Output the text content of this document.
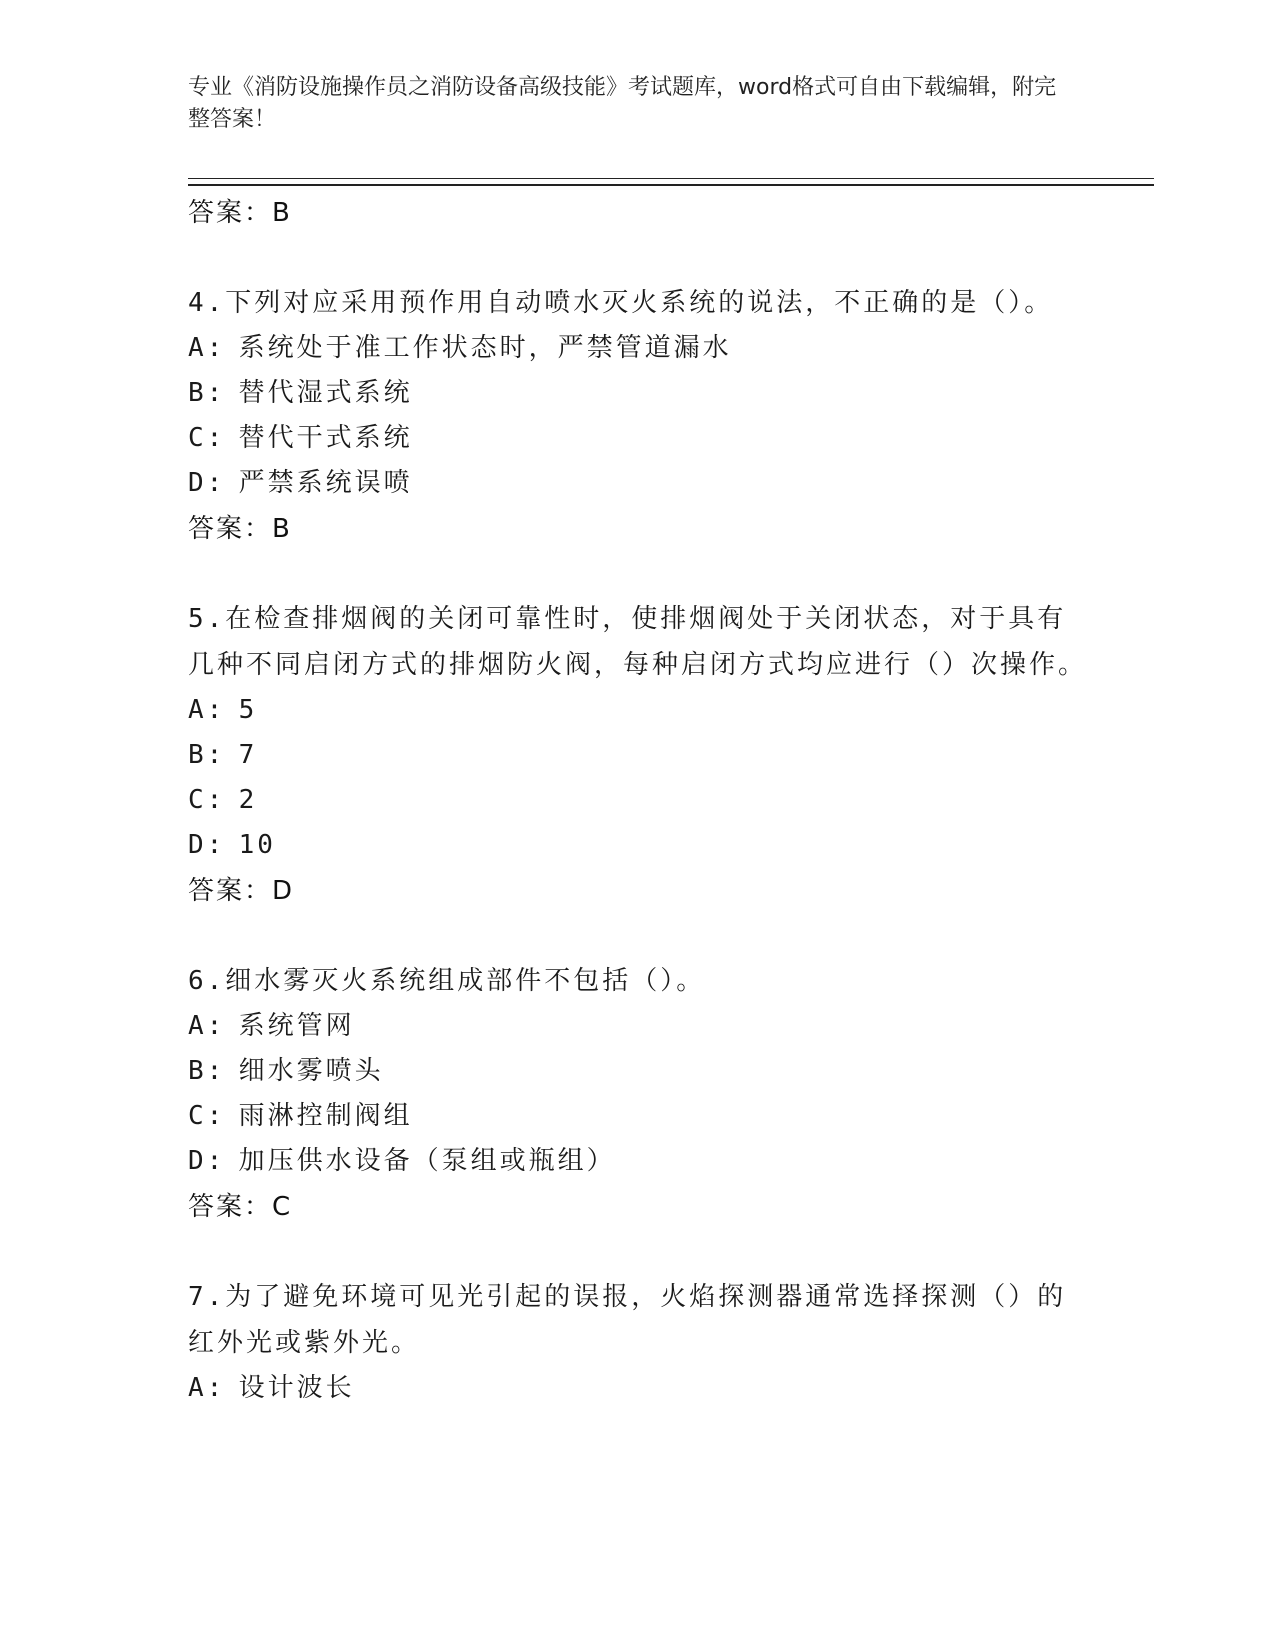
专业《消防设施操作员之消防设备高级技能》考试题库，word格式可自由下载编辑，附完整答案！
答案：B

4.下列对应采用预作用自动喷水灭火系统的说法，不正确的是（）。

A: 系统处于准工作状态时，严禁管道漏水
B: 替代湿式系统
C: 替代干式系统
D: 严禁系统误喷
答案：B

5.在检查排烟阀的关闭可靠性时，使排烟阀处于关闭状态，对于具有几种不同启闭方式的排烟防火阀，每种启闭方式均应进行（）次操作。

A: 5
B: 7
C: 2
D: 10
答案：D

6.细水雾灭火系统组成部件不包括（）。

A: 系统管网
B: 细水雾喷头
C: 雨淋控制阀组
D: 加压供水设备（泵组或瓶组）
答案：C

7.为了避免环境可见光引起的误报，火焰探测器通常选择探测（）的红外光或紫外光。

A: 设计波长
